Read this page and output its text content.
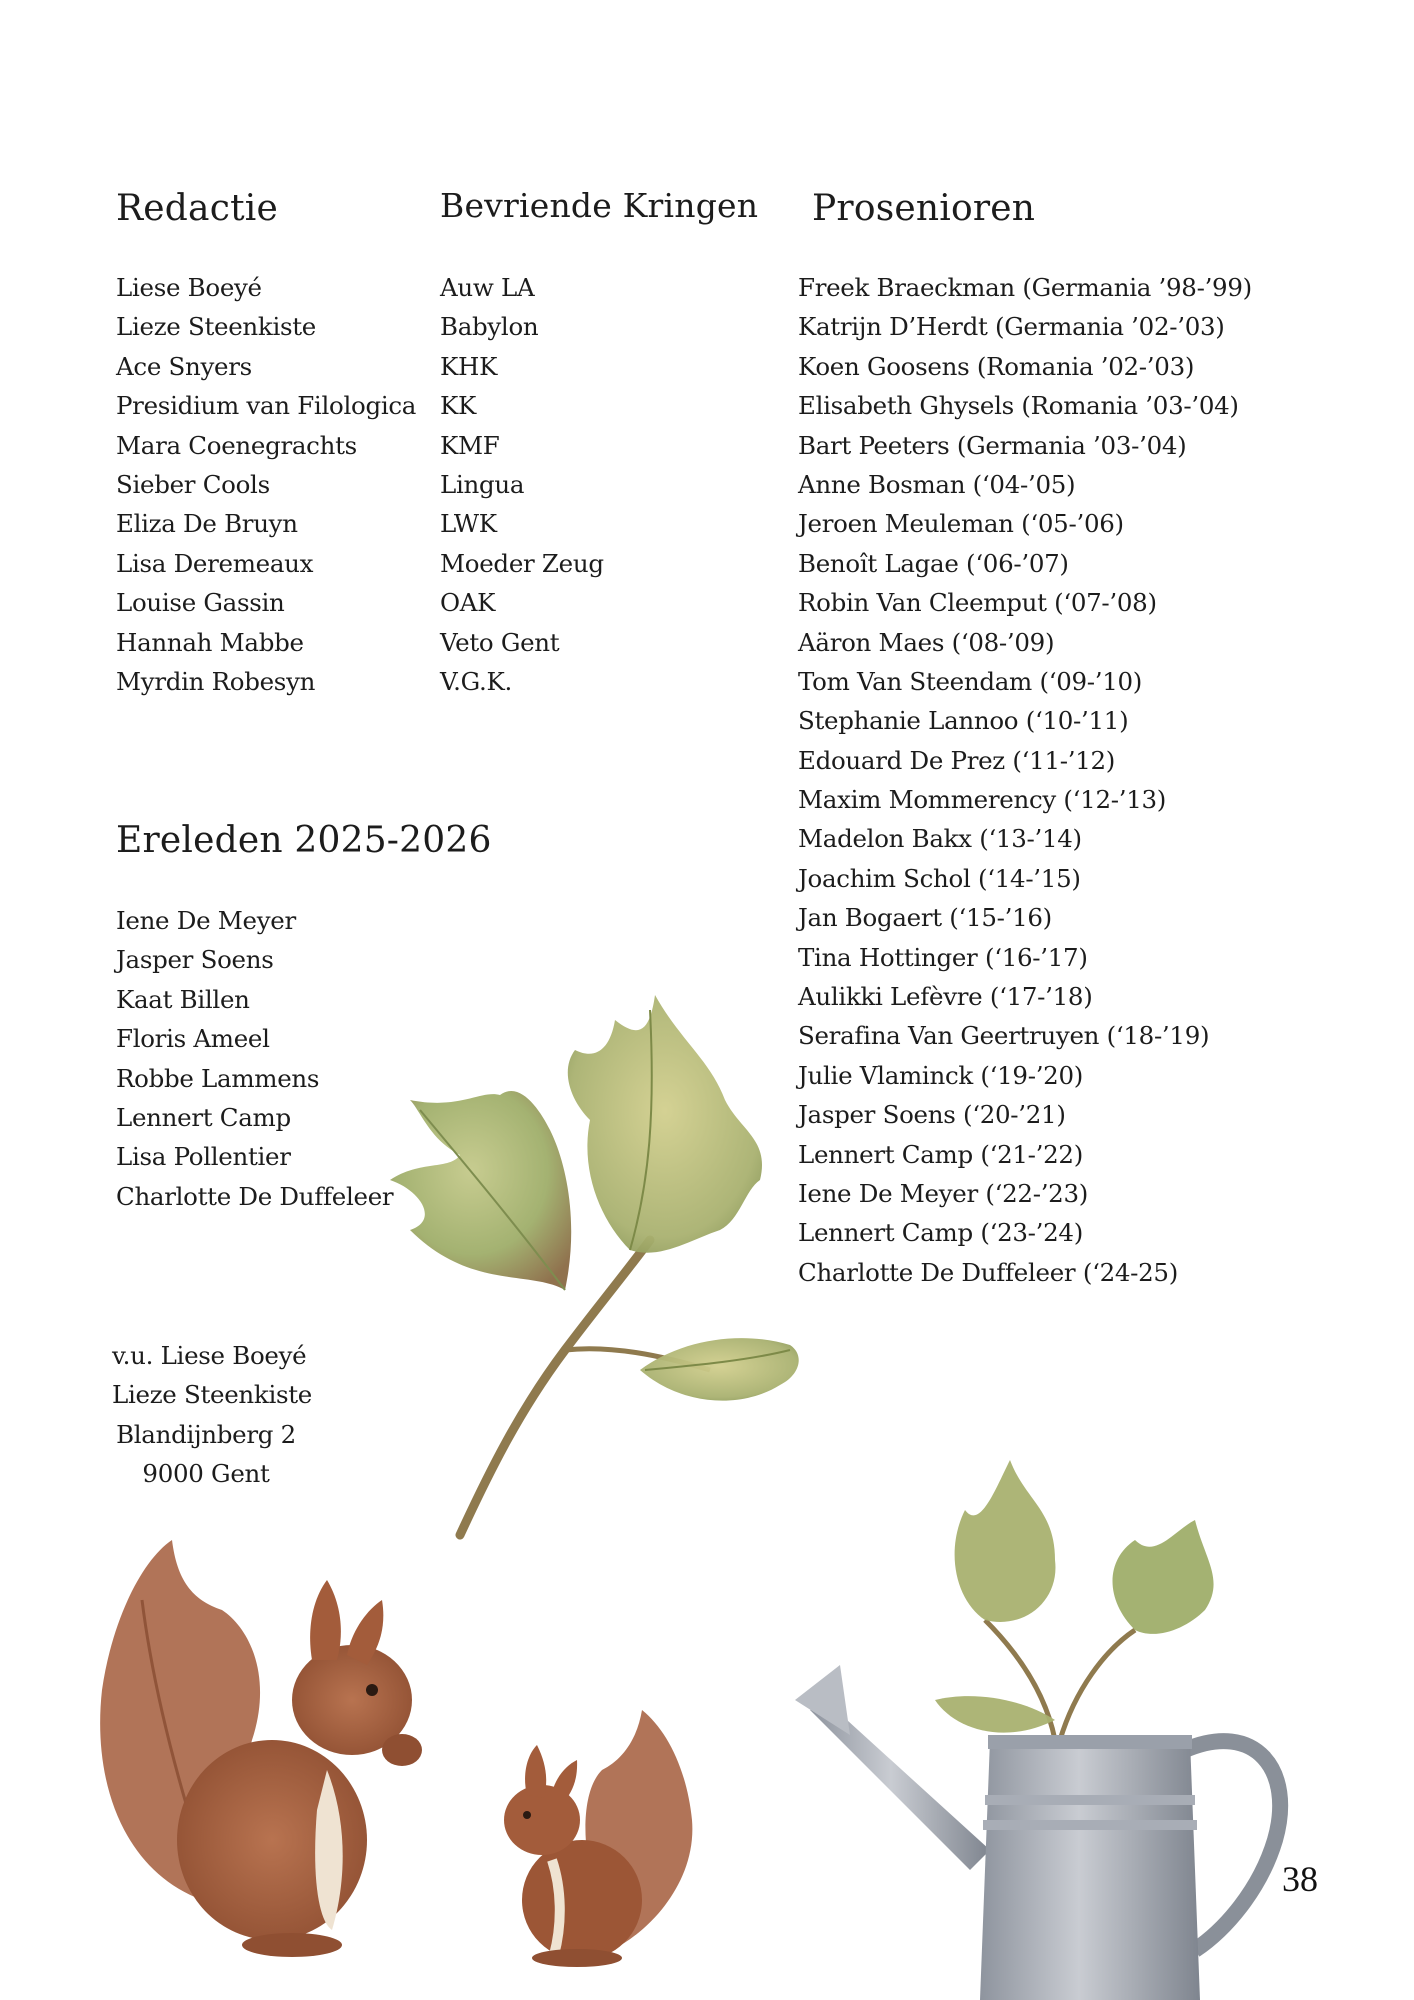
Redactie	Bevriende Kringen Prosenioren
Ereleden 2025-2026
Liese Boeyé
Lieze Steenkiste
Ace Snyers
Presidium van Filologica
Mara Coenegrachts
Sieber Cools
Eliza De Bruyn
Lisa Deremeaux
Louise Gassin
Hannah Mabbe
Myrdin Robesyn
Auw LA
Babylon
KHK
KK
KMF
Lingua
LWK
Moeder Zeug
OAK
Veto Gent
V.G.K.
Freek Braeckman (Germania ’98-’99)
Katrijn D’Herdt (Germania ’02-’03)
Koen Goosens (Romania ’02-’03)
Elisabeth Ghysels (Romania ’03-’04)
Bart Peeters (Germania ’03-’04)
Anne Bosman (‘04-’05)
Jeroen Meuleman (‘05-’06)
Benoît Lagae (‘06-’07)
Robin Van Cleemput (‘07-’08)
Aäron Maes (‘08-’09)
Tom Van Steendam (‘09-’10)
Stephanie Lannoo (‘10-’11)
Edouard De Prez (‘11-’12)
Maxim Mommerency (‘12-’13)
Madelon Bakx (‘13-’14)
Joachim Schol (‘14-’15)
Jan Bogaert (‘15-’16)
Tina Hottinger (‘16-’17)
Aulikki Lefèvre (‘17-’18)
Serafina Van Geertruyen (‘18-’19)
Julie Vlaminck (‘19-’20)
Jasper Soens (‘20-’21)
Lennert Camp (‘21-’22)
Iene De Meyer (‘22-’23)
Lennert Camp (‘23-’24)
Charlotte De Duffeleer (‘24-25)
Iene De Meyer
Jasper Soens
Kaat Billen
Floris Ameel
Robbe Lammens
Lennert Camp
Lisa Pollentier
Charlotte De Duffeleer
v.u. Liese Boeyé
Lieze Steenkiste
Blandijnberg 2
9000 Gent
38
